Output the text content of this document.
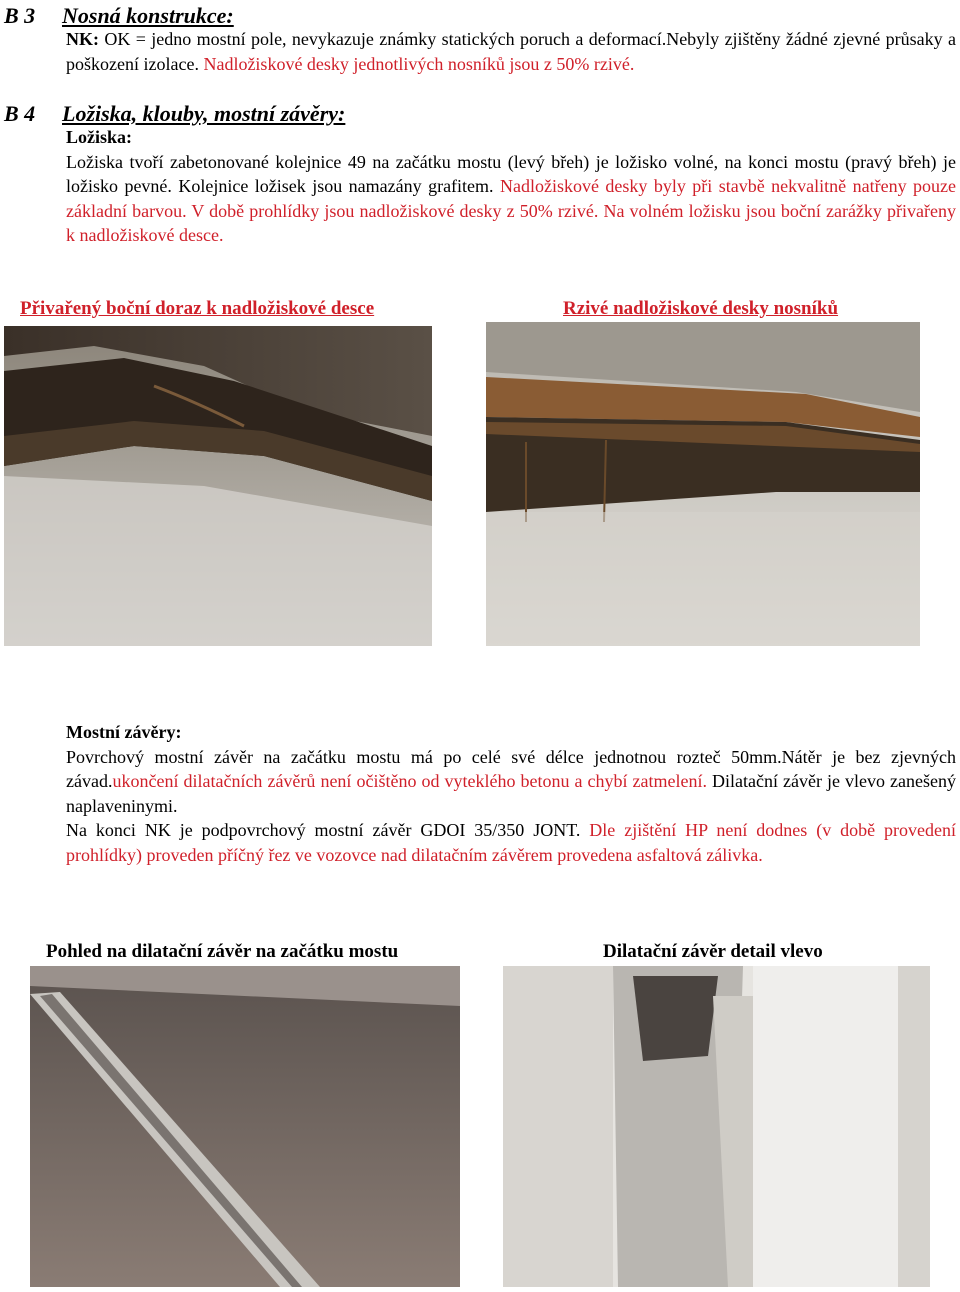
B 3 Nosná konstrukce:
NK: OK = jedno mostní pole, nevykazuje známky statických poruch a deformací.Nebyly zjištěny žádné zjevné průsaky a poškození izolace. Nadložiskové desky jednotlivých nosníků jsou z 50% rzivé.
B 4 Ložiska, klouby, mostní závěry:
Ložiska:
Ložiska tvoří zabetonované kolejnice 49 na začátku mostu (levý břeh) je ložisko volné, na konci mostu (pravý břeh) je ložisko pevné. Kolejnice ložisek jsou namazány grafitem. Nadložiskové desky byly při stavbě nekvalitně natřeny pouze základní barvou. V době prohlídky jsou nadložiskové desky z 50% rzivé. Na volném ložisku jsou boční zarážky přivařeny k nadložiskové desce.
Přivařený boční doraz k nadložiskové desce	Rzivé nadložiskové desky nosníků
Mostní závěry:
Povrchový mostní závěr na začátku mostu má po celé své délce jednotnou rozteč 50mm.Nátěr je bez zjevných závad.ukončení dilatačních závěrů není očištěno od vyteklého betonu a chybí zatmelení. Dilatační závěr je vlevo zanešený naplaveninymi.
Na konci NK je podpovrchový mostní závěr GDOI 35/350 JONT. Dle zjištění HP není dodnes (v době provedení prohlídky) proveden příčný řez ve vozovce nad dilatačním závěrem provedena asfaltová zálivka.
Pohled na dilatační závěr na začátku mostu	Dilatační závěr detail vlevo
